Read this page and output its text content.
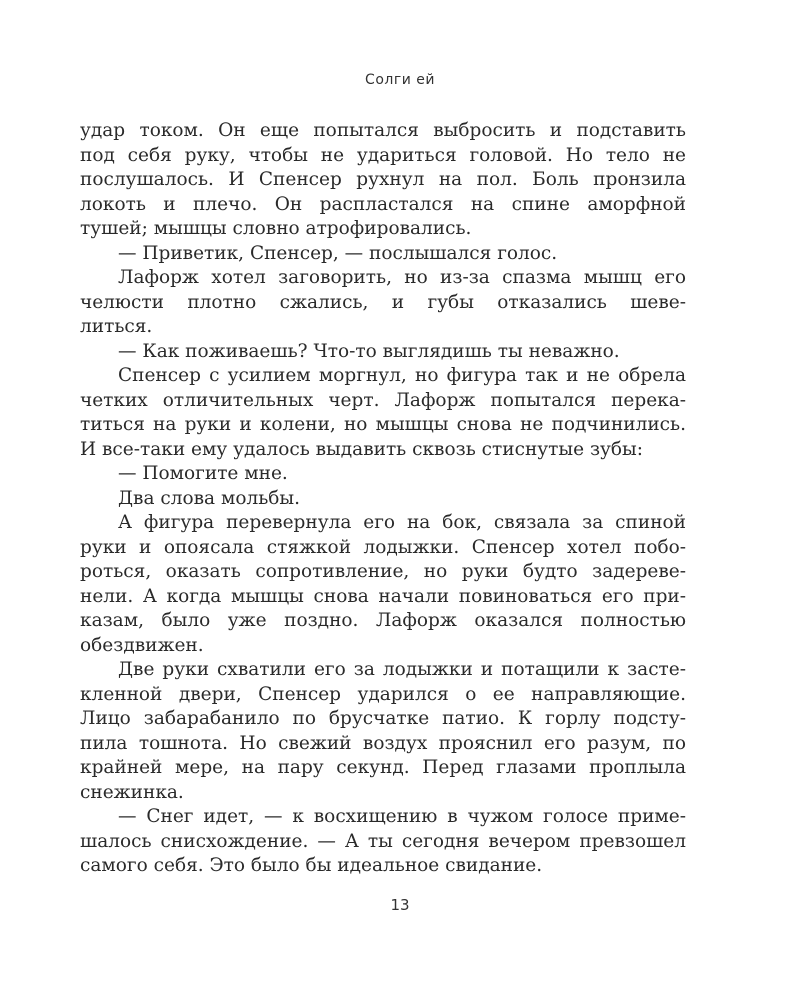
Солги ей
удар током. Он еще попытался выбросить и подставить
под себя руку, чтобы не удариться головой. Но тело не
послушалось. И Спенсер рухнул на пол. Боль пронзила
локоть и плечо. Он распластался на спине аморфной
тушей; мышцы словно атрофировались.
— Приветик, Спенсер, — послышался голос.
Лафорж хотел заговорить, но из-за спазма мышц его
челюсти плотно сжались, и губы отказались шеве-
литься.
— Как поживаешь? Что-то выглядишь ты неважно.
Спенсер с усилием моргнул, но фигура так и не обрела
четких отличительных черт. Лафорж попытался перека-
титься на руки и колени, но мышцы снова не подчинились.
И все-таки ему удалось выдавить сквозь стиснутые зубы:
— Помогите мне.
Два слова мольбы.
А фигура перевернула его на бок, связала за спиной
руки и опоясала стяжкой лодыжки. Спенсер хотел побо-
роться, оказать сопротивление, но руки будто задереве-
нели. А когда мышцы снова начали повиноваться его при-
казам, было уже поздно. Лафорж оказался полностью
обездвижен.
Две руки схватили его за лодыжки и потащили к засте-
кленной двери, Спенсер ударился о ее направляющие.
Лицо забарабанило по брусчатке патио. К горлу подсту-
пила тошнота. Но свежий воздух прояснил его разум, по
крайней мере, на пару секунд. Перед глазами проплыла
снежинка.
— Снег идет, — к восхищению в чужом голосе приме-
шалось снисхождение. — А ты сегодня вечером превзошел
самого себя. Это было бы идеальное свидание.
13
